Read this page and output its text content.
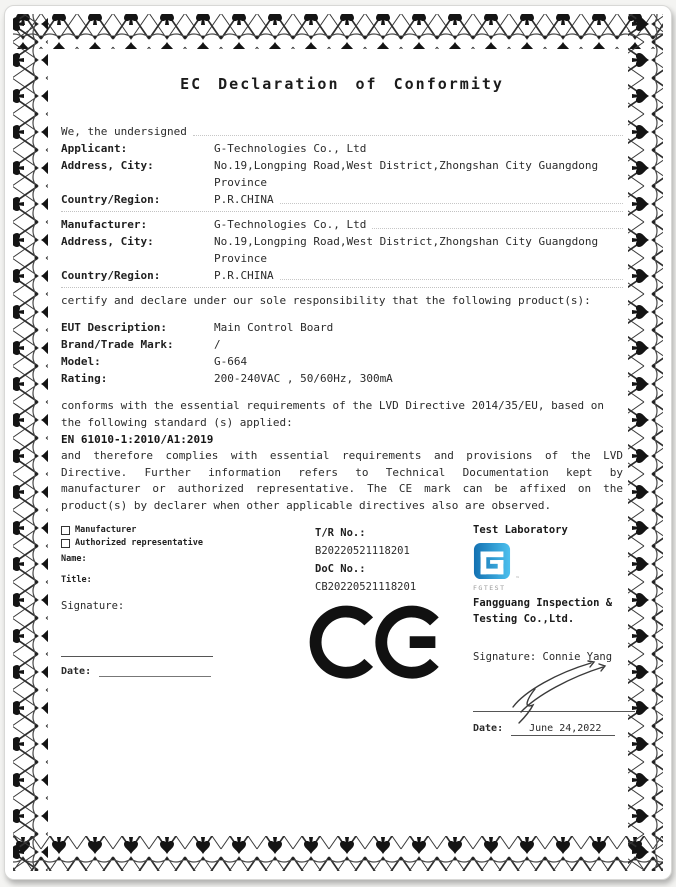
EC Declaration of Conformity
We, the undersigned
Applicant:	G-Technologies Co., Ltd
Address, City:	No.19,Longping Road,West District,Zhongshan City Guangdong Province
Country/Region:	P.R.CHINA
Manufacturer:	G-Technologies Co., Ltd
Address, City:	No.19,Longping Road,West District,Zhongshan City Guangdong Province
Country/Region:	P.R.CHINA
certify and declare under our sole responsibility that the following product(s):
EUT Description:	Main Control Board
Brand/Trade Mark:	/
Model:	G-664
Rating:	200-240VAC , 50/60Hz, 300mA
conforms with the essential requirements of the LVD Directive 2014/35/EU, based on the following standard (s) applied:
EN 61010-1:2010/A1:2019
and therefore complies with essential requirements and provisions of the LVD Directive. Further information refers to Technical Documentation kept by manufacturer or authorized representative. The CE mark can be affixed on the product(s) by declarer when other applicable directives also are observed.
Manufacturer
Authorized representative
Name:
Title:
Signature:
Date:
T/R No.:
B20220521118201
DoC No.:
CB20220521118201
Test Laboratory
™
FGTEST
Fangguang Inspection &
Testing Co.,Ltd.
Signature: Connie Yang
Date:	June 24,2022
